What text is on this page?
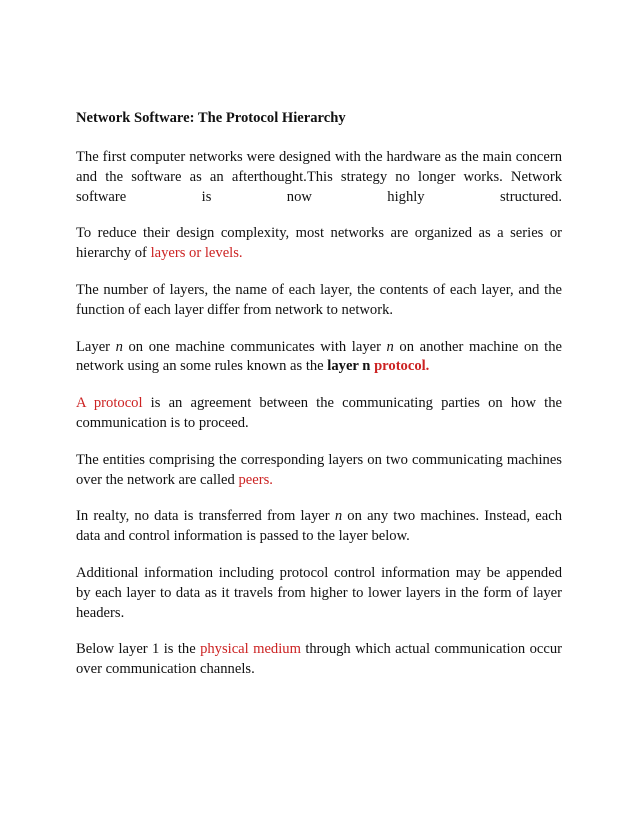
Network Software: The Protocol Hierarchy

The first computer networks were designed with the hardware as the main concern and the software as an afterthought.This strategy no longer works. Network software is now highly structured.

To reduce their design complexity, most networks are organized as a series or hierarchy of layers or levels.

The number of layers, the name of each layer, the contents of each layer, and the function of each layer differ from network to network.

Layer n on one machine communicates with layer n on another machine on the network using an some rules known as the layer n protocol.

A protocol is an agreement between the communicating parties on how the communication is to proceed.

The entities comprising the corresponding layers on two communicating machines over the network are called peers.

In realty, no data is transferred from layer n on any two machines. Instead, each data and control information is passed to the layer below.

Additional information including protocol control information may be appended by each layer to data as it travels from higher to lower layers in the form of layer headers.

Below layer 1 is the physical medium through which actual communication occur over communication channels.
